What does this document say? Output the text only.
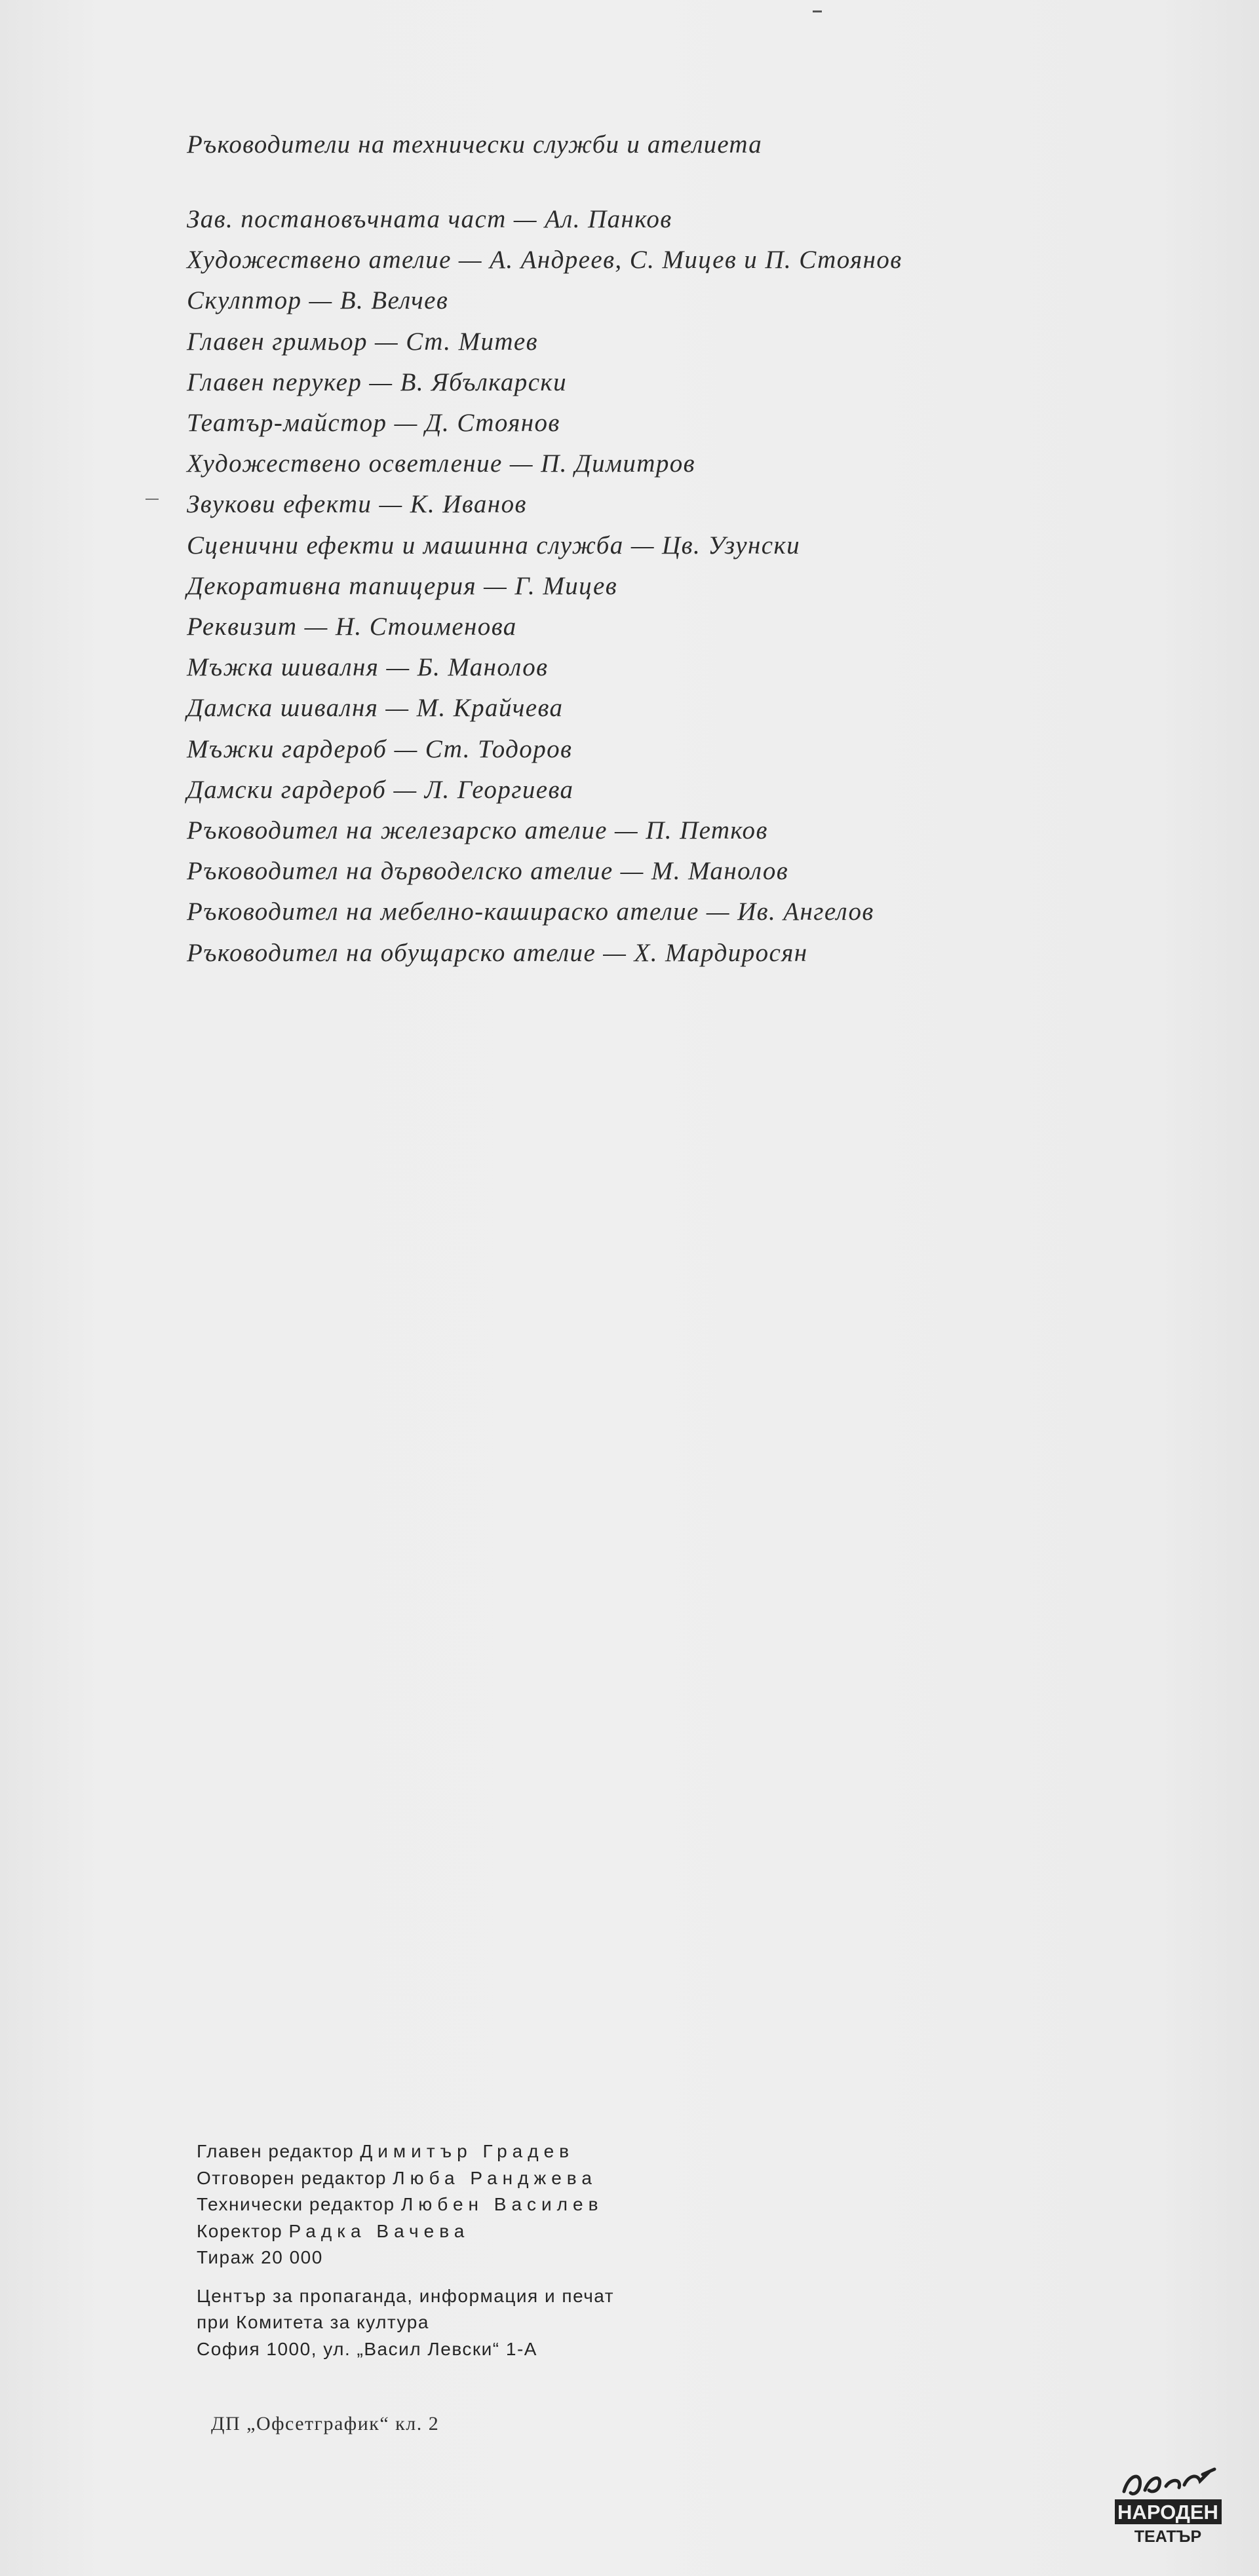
Ръководители на технически служби и ателиета
Зав. постановъчната част — Ал. Панков
Художествено ателие — А. Андреев, С. Мицев и П. Стоянов
Скулптор — В. Велчев
Главен гримьор — Ст. Митев
Главен перукер — В. Ябълкарски
Театър-майстор — Д. Стоянов
Художествено осветление — П. Димитров
Звукови ефекти — К. Иванов
Сценични ефекти и машинна служба — Цв. Узунски
Декоративна тапицерия — Г. Мицев
Реквизит — Н. Стоименова
Мъжка шивалня — Б. Манолов
Дамска шивалня — М. Крайчева
Мъжки гардероб — Ст. Тодоров
Дамски гардероб — Л. Георгиева
Ръководител на железарско ателие — П. Петков
Ръководител на дърводелско ателие — М. Манолов
Ръководител на мебелно-кашираско ателие — Ив. Ангелов
Ръководител на обущарско ателие — Х. Мардиросян
Главен редактор Димитър Градев
Отговорен редактор Люба Ранджева
Технически редактор Любен Василев
Коректор Радка Вачева
Тираж 20 000
Център за пропаганда, информация и печат
при Комитета за култура
София 1000, ул. „Васил Левски“ 1-А
ДП „Офсетграфик“ кл. 2
НАРОДЕН
ТЕАТЪР
